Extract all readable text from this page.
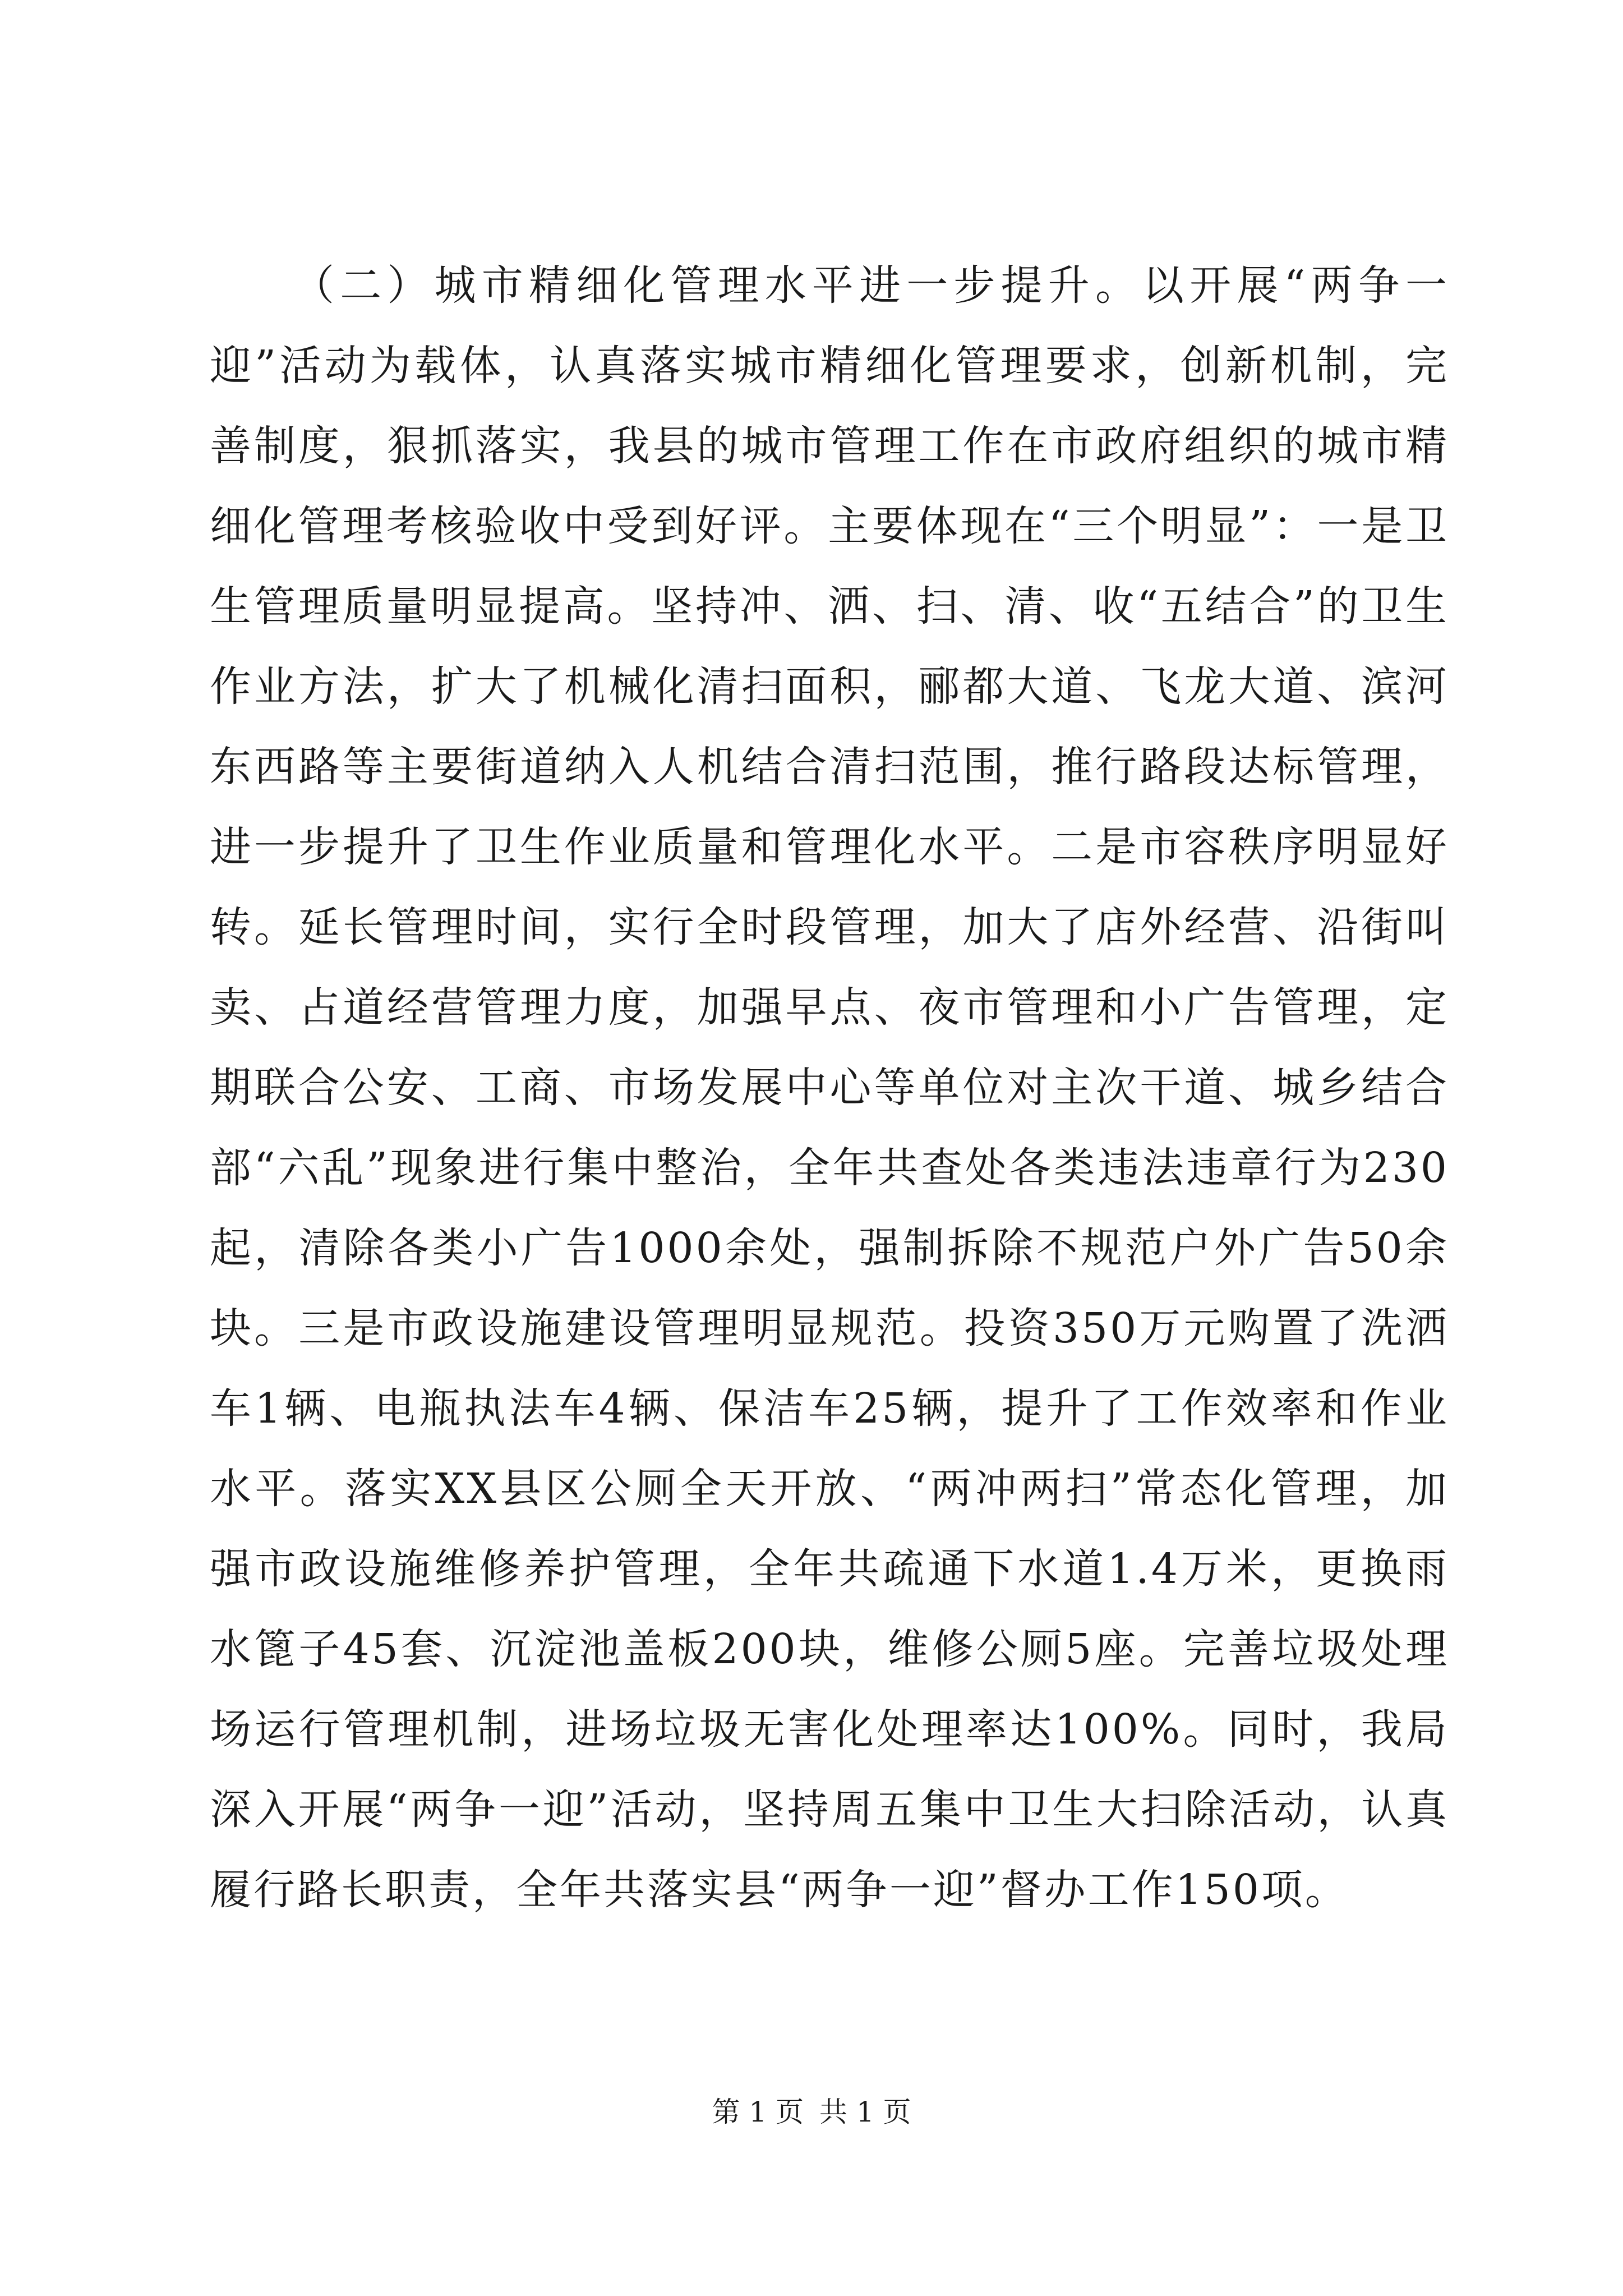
（二）城市精细化管理水平进一步提升。以开展“两争一迎”活动为载体，认真落实城市精细化管理要求，创新机制，完善制度，狠抓落实，我县的城市管理工作在市政府组织的城市精细化管理考核验收中受到好评。主要体现在“三个明显”：一是卫生管理质量明显提高。坚持冲、洒、扫、清、收“五结合”的卫生作业方法，扩大了机械化清扫面积，郦都大道、飞龙大道、滨河东西路等主要街道纳入人机结合清扫范围，推行路段达标管理，进一步提升了卫生作业质量和管理化水平。二是市容秩序明显好转。延长管理时间，实行全时段管理，加大了店外经营、沿街叫卖、占道经营管理力度，加强早点、夜市管理和小广告管理，定期联合公安、工商、市场发展中心等单位对主次干道、城乡结合部“六乱”现象进行集中整治，全年共查处各类违法违章行为230起，清除各类小广告1000余处，强制拆除不规范户外广告50余块。三是市政设施建设管理明显规范。投资350万元购置了洗洒车1辆、电瓶执法车4辆、保洁车25辆，提升了工作效率和作业水平。落实XX县区公厕全天开放、“两冲两扫”常态化管理，加强市政设施维修养护管理，全年共疏通下水道1.4万米，更换雨水篦子45套、沉淀池盖板200块，维修公厕5座。完善垃圾处理场运行管理机制，进场垃圾无害化处理率达100%。同时，我局深入开展“两争一迎”活动，坚持周五集中卫生大扫除活动，认真履行路长职责，全年共落实县“两争一迎”督办工作150项。

第 1 页 共 1 页
